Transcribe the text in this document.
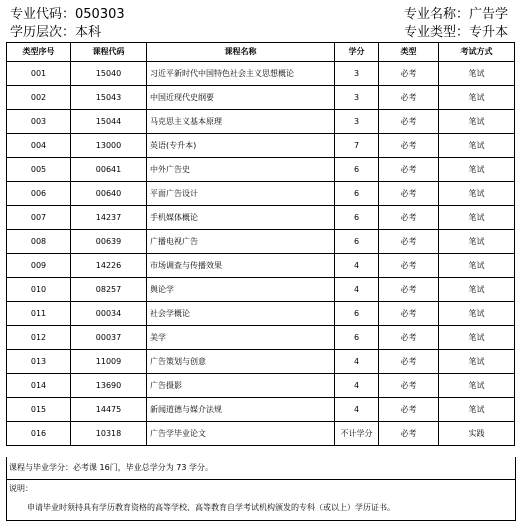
专业代码：050303	专业名称：广告学
学历层次：本科	专业类型：专升本
类型序号	课程代码	课程名称	学分	类型	考试方式
001	15040	习近平新时代中国特色社会主义思想概论	3	必考	笔试
002	15043	中国近现代史纲要	3	必考	笔试
003	15044	马克思主义基本原理	3	必考	笔试
004	13000	英语(专升本)	7	必考	笔试
005	00641	中外广告史	6	必考	笔试
006	00640	平面广告设计	6	必考	笔试
007	14237	手机媒体概论	6	必考	笔试
008	00639	广播电视广告	6	必考	笔试
009	14226	市场调查与传播效果	4	必考	笔试
010	08257	舆论学	4	必考	笔试
011	00034	社会学概论	6	必考	笔试
012	00037	美学	6	必考	笔试
013	11009	广告策划与创意	4	必考	笔试
014	13690	广告摄影	4	必考	笔试
015	14475	新闻道德与媒介法规	4	必考	笔试
016	10318	广告学毕业论文	不计学分	必考	实践
课程与毕业学分：必考课 16门，毕业总学分为 73 学分。
说明：
申请毕业时须持具有学历教育资格的高等学校、高等教育自学考试机构颁发的专科（或以上）学历证书。
